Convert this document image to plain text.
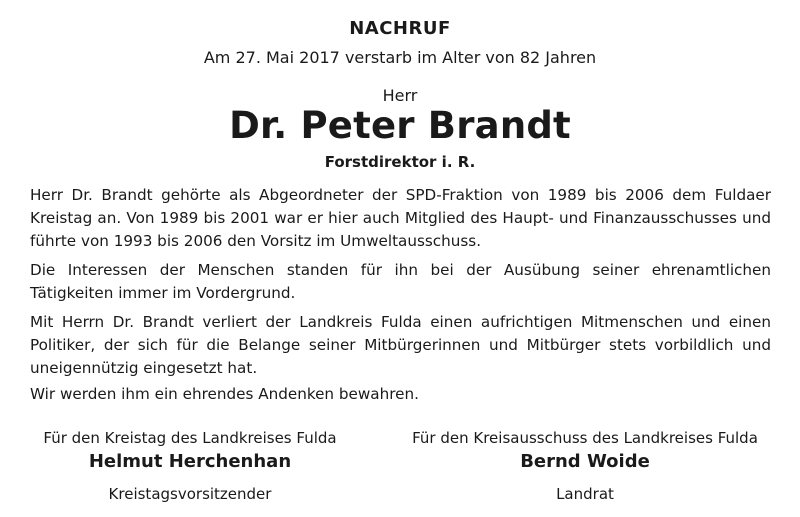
NACHRUF
Am 27. Mai 2017 verstarb im Alter von 82 Jahren
Herr
Dr. Peter Brandt
Forstdirektor i. R.
Herr Dr. Brandt gehörte als Abgeordneter der SPD-Fraktion von 1989 bis 2006 dem Fuldaer Kreistag an. Von 1989 bis 2001 war er hier auch Mitglied des Haupt- und Finanzausschusses und führte von 1993 bis 2006 den Vorsitz im Umweltausschuss.
Die Interessen der Menschen standen für ihn bei der Ausübung seiner ehrenamtlichen Tätigkeiten immer im Vordergrund.
Mit Herrn Dr. Brandt verliert der Landkreis Fulda einen aufrichtigen Mitmenschen und einen Politiker, der sich für die Belange seiner Mitbürgerinnen und Mitbürger stets vorbildlich und uneigennützig eingesetzt hat.
Wir werden ihm ein ehrendes Andenken bewahren.
Für den Kreistag des Landkreises Fulda
Helmut Herchenhan
Kreistagsvorsitzender
Für den Kreisausschuss des Landkreises Fulda
Bernd Woide
Landrat
